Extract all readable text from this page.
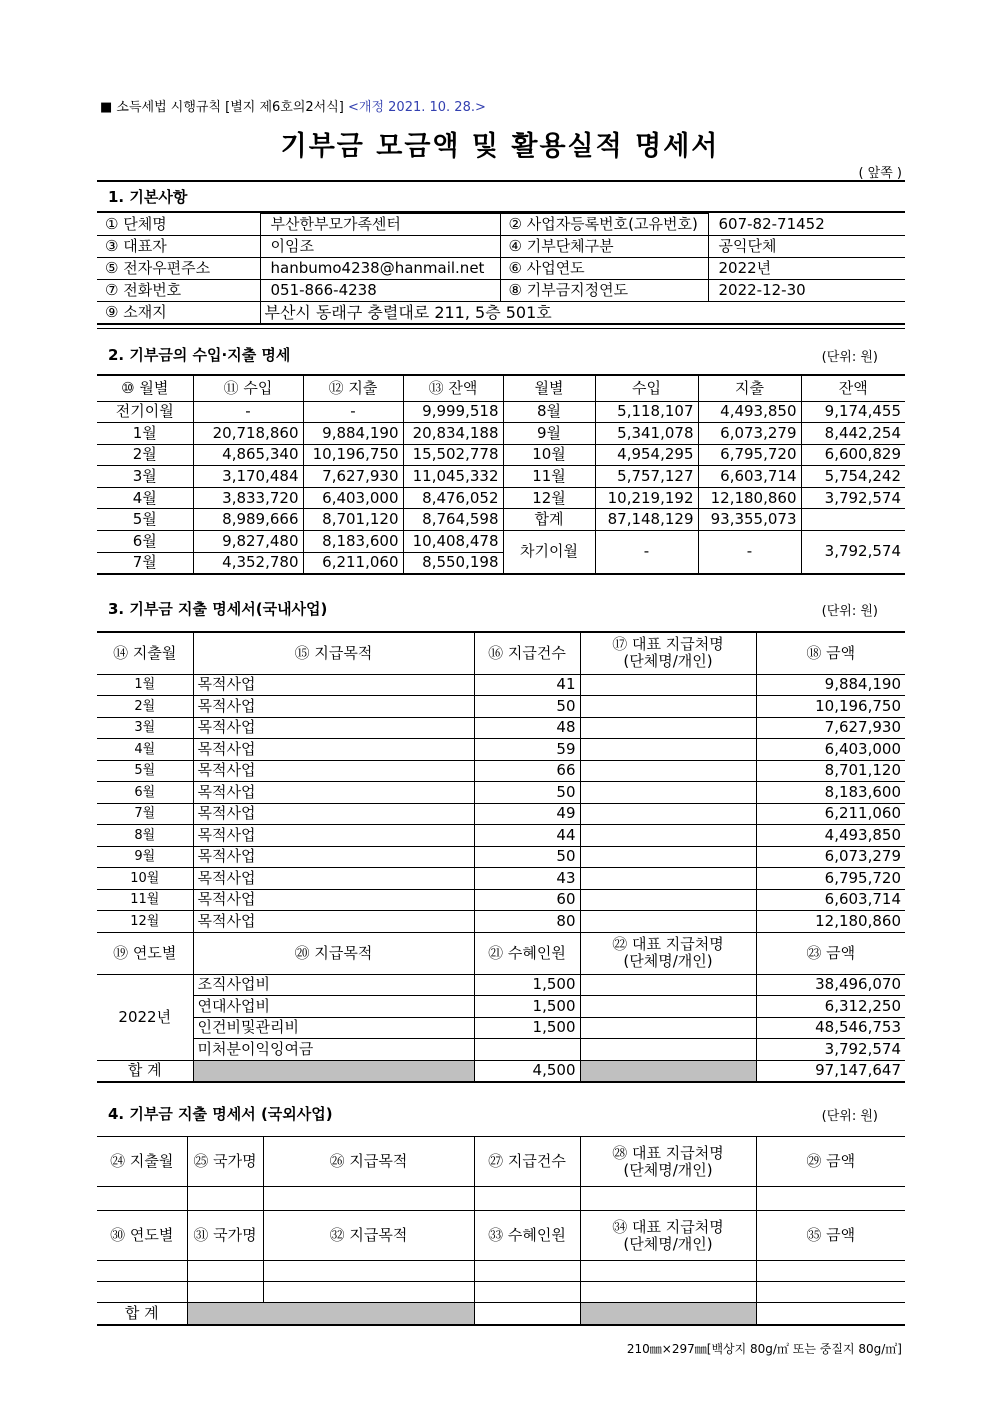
■ 소득세법 시행규칙 [별지 제6호의2서식] <개정 2021. 10. 28.>
기부금 모금액 및 활용실적 명세서
( 앞쪽 )
1. 기본사항
① 단체명	부산한부모가족센터	② 사업자등록번호(고유번호)	607-82-71452
③ 대표자	이임조	④ 기부단체구분	공익단체
⑤ 전자우편주소	hanbumo4238@hanmail.net	⑥ 사업연도	2022년
⑦ 전화번호	051-866-4238	⑧ 기부금지정연도	2022-12-30
⑨ 소재지	부산시 동래구 충렬대로 211, 5층 501호		
2. 기부금의 수입·지출 명세	(단위: 원)
⑩ 월별	⑪ 수입	⑫ 지출	⑬ 잔액	월별	수입	지출	잔액
전기이월	-	-	9,999,518	8월	5,118,107	4,493,850	9,174,455
1월	20,718,860	9,884,190	20,834,188	9월	5,341,078	6,073,279	8,442,254
2월	4,865,340	10,196,750	15,502,778	10월	4,954,295	6,795,720	6,600,829
3월	3,170,484	7,627,930	11,045,332	11월	5,757,127	6,603,714	5,754,242
4월	3,833,720	6,403,000	8,476,052	12월	10,219,192	12,180,860	3,792,574
5월	8,989,666	8,701,120	8,764,598	합계	87,148,129	93,355,073	
6월	9,827,480	8,183,600	10,408,478	차기이월	-	-	3,792,574
7월	4,352,780	6,211,060	8,550,198				
3. 기부금 지출 명세서(국내사업)	(단위: 원)
⑭ 지출월	⑮ 지급목적	⑯ 지급건수	⑰ 대표 지급처명
(단체명/개인)	⑱ 금액
1월	목적사업	41		9,884,190
2월	목적사업	50		10,196,750
3월	목적사업	48		7,627,930
4월	목적사업	59		6,403,000
5월	목적사업	66		8,701,120
6월	목적사업	50		8,183,600
7월	목적사업	49		6,211,060
8월	목적사업	44		4,493,850
9월	목적사업	50		6,073,279
10월	목적사업	43		6,795,720
11월	목적사업	60		6,603,714
12월	목적사업	80		12,180,860
⑲ 연도별	⑳ 지급목적	㉑ 수혜인원	㉒ 대표 지급처명
(단체명/개인)	㉓ 금액
2022년	조직사업비	1,500		38,496,070
	연대사업비	1,500		6,312,250
	인건비및관리비	1,500		48,546,753
	미처분이익잉여금			3,792,574
합 계		4,500		97,147,647
4. 기부금 지출 명세서 (국외사업)	(단위: 원)
㉔ 지출월	㉕ 국가명	㉖ 지급목적	㉗ 지급건수	㉘ 대표 지급처명
(단체명/개인)	㉙ 금액

㉚ 연도별	㉛ 국가명	㉜ 지급목적	㉝ 수혜인원	㉞ 대표 지급처명
(단체명/개인)	㉟ 금액

합 계					
210㎜×297㎜[백상지 80g/㎡ 또는 중질지 80g/㎡]
